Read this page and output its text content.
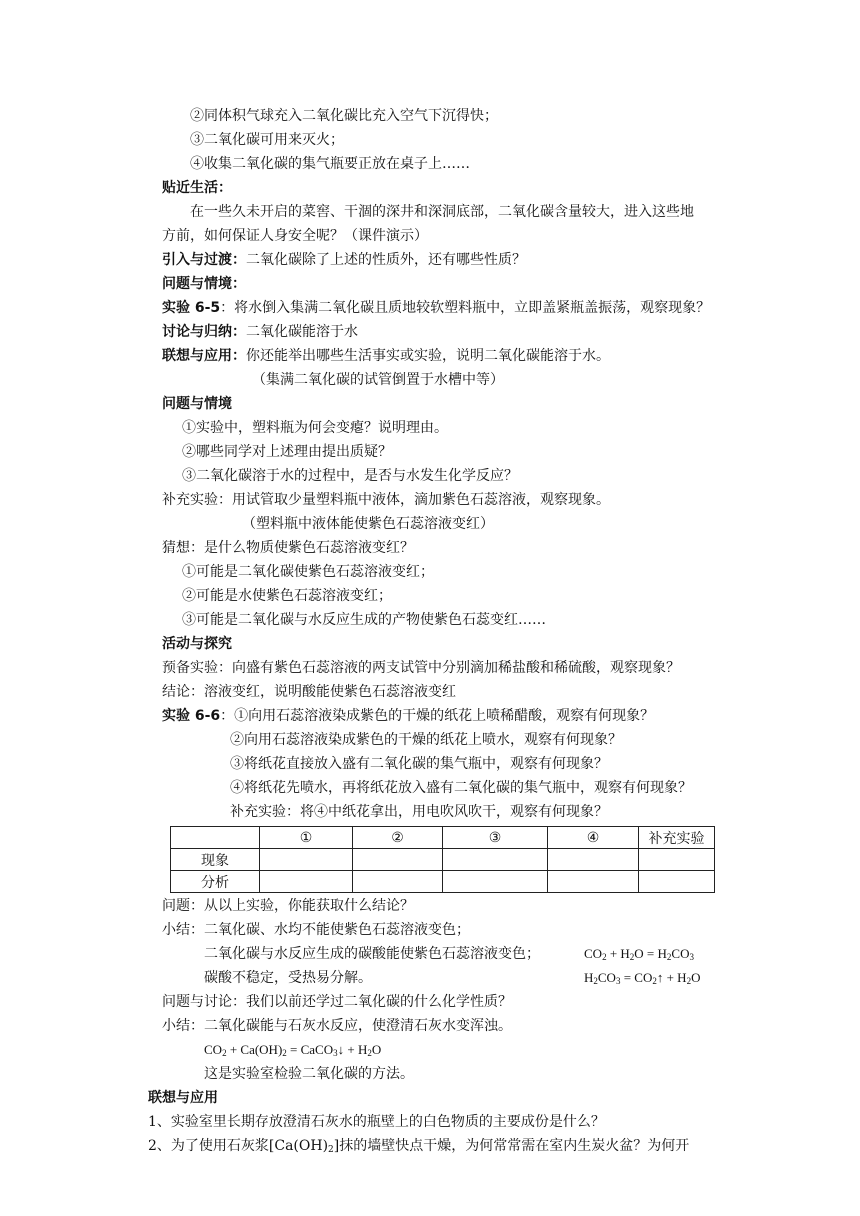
②同体积气球充入二氧化碳比充入空气下沉得快；
③二氧化碳可用来灭火；
④收集二氧化碳的集气瓶要正放在桌子上……
贴近生活：
在一些久未开启的菜窖、干涸的深井和深洞底部，二氧化碳含量较大，进入这些地
方前，如何保证人身安全呢？（课件演示）
引入与过渡：二氧化碳除了上述的性质外，还有哪些性质？
问题与情境：
实验 6-5：将水倒入集满二氧化碳且质地较软塑料瓶中，立即盖紧瓶盖振荡，观察现象？
讨论与归纳：二氧化碳能溶于水
联想与应用：你还能举出哪些生活事实或实验，说明二氧化碳能溶于水。
（集满二氧化碳的试管倒置于水槽中等）
问题与情境
①实验中，塑料瓶为何会变瘪？说明理由。
②哪些同学对上述理由提出质疑？
③二氧化碳溶于水的过程中，是否与水发生化学反应？
补充实验：用试管取少量塑料瓶中液体，滴加紫色石蕊溶液，观察现象。
（塑料瓶中液体能使紫色石蕊溶液变红）
猜想：是什么物质使紫色石蕊溶液变红？
①可能是二氧化碳使紫色石蕊溶液变红；
②可能是水使紫色石蕊溶液变红；
③可能是二氧化碳与水反应生成的产物使紫色石蕊变红……
活动与探究
预备实验：向盛有紫色石蕊溶液的两支试管中分别滴加稀盐酸和稀硫酸，观察现象？
结论：溶液变红，说明酸能使紫色石蕊溶液变红
实验 6-6：①向用石蕊溶液染成紫色的干燥的纸花上喷稀醋酸，观察有何现象？
②向用石蕊溶液染成紫色的干燥的纸花上喷水，观察有何现象？
③将纸花直接放入盛有二氧化碳的集气瓶中，观察有何现象？
④将纸花先喷水，再将纸花放入盛有二氧化碳的集气瓶中，观察有何现象？
补充实验：将④中纸花拿出，用电吹风吹干，观察有何现象？
	①	②	③	④	补充实验
现象					
分析					
问题：从以上实验，你能获取什么结论？
小结：二氧化碳、水均不能使紫色石蕊溶液变色；
二氧化碳与水反应生成的碳酸能使紫色石蕊溶液变色；
碳酸不稳定，受热易分解。
$CO_2 + H_2O = H_2CO_3$
$H_2CO_3$ = $CO_2↑ + H_2O$
问题与讨论：我们以前还学过二氧化碳的什么化学性质？
小结：二氧化碳能与石灰水反应，使澄清石灰水变浑浊。
$CO_2 + Ca(OH)_2$ = CaCO$_3$↓ + $H_2O$
这是实验室检验二氧化碳的方法。
联想与应用
1、实验室里长期存放澄清石灰水的瓶壁上的白色物质的主要成份是什么？
2、为了使用石灰浆$[Ca(OH)_2]$抹的墙壁快点干燥，为何常常需在室内生炭火盆？为何开
